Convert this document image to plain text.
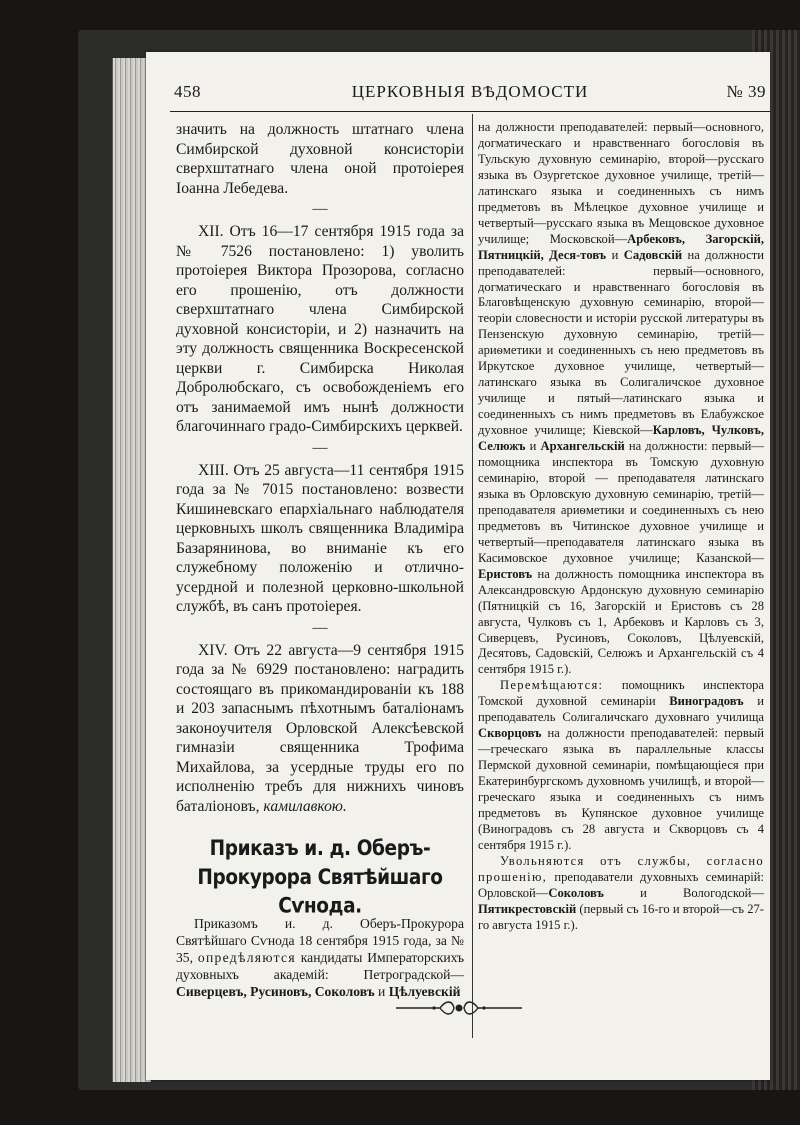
458	ЦЕРКОВНЫЯ ВѢДОМОСТИ	№ 39

значить на должность штатнаго члена Симбирской духовной консисторіи сверхштатнаго члена оной протоіерея Іоанна Лебедева.

—

XII. Отъ 16—17 сентября 1915 года за № 7526 постановлено: 1) уволить протоіерея Виктора Прозорова, согласно его прошенію, отъ должности сверхштатнаго члена Симбирской духовной консисторіи, и 2) назначить на эту должность священника Воскресенской церкви г. Симбирска Николая Добролюбскаго, съ освобожденіемъ его отъ занимаемой имъ нынѣ должности благочиннаго градо-Симбирскихъ церквей.

—

XIII. Отъ 25 августа—11 сентября 1915 года за № 7015 постановлено: возвести Кишиневскаго епархіальнаго наблюдателя церковныхъ школъ священника Владиміра Базарянинова, во вниманіе къ его служебному положенію и отлично-усердной и полезной церковно-школьной службѣ, въ санъ протоіерея.

—

XIV. Отъ 22 августа—9 сентября 1915 года за № 6929 постановлено: наградить состоящаго въ прикомандированіи къ 188 и 203 запаснымъ пѣхотнымъ баталіонамъ законоучителя Орловской Алексѣевской гимназіи священника Трофима Михайлова, за усердные труды его по исполненію требъ для нижнихъ чиновъ баталіоновъ, камилавкою.

Приказъ и. д. Оберъ-Прокурора Святѣйшаго Сѵнода.

Приказомъ и. д. Оберъ-Прокурора Святѣйшаго Сѵнода 18 сентября 1915 года, за № 35, опредѣляются кандидаты Императорскихъ духовныхъ академій: Петроградской—Сиверцевъ, Русиновъ, Соколовъ и Цѣлуевскій

на должности преподавателей: первый—основного, догматическаго и нравственнаго богословія въ Тульскую духовную семинарію, второй—русскаго языка въ Озургетское духовное училище, третій—латинскаго языка и соединенныхъ съ нимъ предметовъ въ Мѣлецкое духовное училище и четвертый—русскаго языка въ Мещовское духовное училище; Московской—Арбековъ, Загорскій, Пятницкій, Деся-товъ и Садовскій на должности преподавателей: первый—основного, догматическаго и нравственнаго богословія въ Благовѣщенскую духовную семинарію, второй—теоріи словесности и исторіи русской литературы въ Пензенскую духовную семинарію, третій—ариѳметики и соединенныхъ съ нею предметовъ въ Иркутское духовное училище, четвертый—латинскаго языка въ Солигаличское духовное училище и пятый—латинскаго языка и соединенныхъ съ нимъ предметовъ въ Елабужское духовное училище; Кіевской—Карловъ, Чулковъ, Селюжъ и Архангельскій на должности: первый—помощника инспектора въ Томскую духовную семинарію, второй — преподавателя латинскаго языка въ Орловскую духовную семинарію, третій—преподавателя ариѳметики и соединенныхъ съ нею предметовъ въ Читинское духовное училище и четвертый—преподавателя латинскаго языка въ Касимовское духовное училище; Казанской—Еристовъ на должность помощника инспектора въ Александровскую Ардонскую духовную семинарію (Пятницкій съ 16, Загорскій и Еристовъ съ 28 августа, Чулковъ съ 1, Арбековъ и Карловъ съ 3, Сиверцевъ, Русиновъ, Соколовъ, Цѣлуевскій, Десятовъ, Садовскій, Селюжъ и Архангельскій съ 4 сентября 1915 г.).

Перемѣщаются: помощникъ инспектора Томской духовной семинаріи Виноградовъ и преподаватель Солигаличскаго духовнаго училища Скворцовъ на должности преподавателей: первый—греческаго языка въ параллельные классы Пермской духовной семинаріи, помѣщающіеся при Екатеринбургскомъ духовномъ училищѣ, и второй—греческаго языка и соединенныхъ съ нимъ предметовъ въ Купянское духовное училище (Виноградовъ съ 28 августа и Скворцовъ съ 4 сентября 1915 г.).

Увольняются отъ службы, согласно прошенію, преподаватели духовныхъ семинарій: Орловской—Соколовъ	и Вологодской—Пятикрестовскій (первый съ 16-го и второй—съ 27-го августа 1915 г.).
